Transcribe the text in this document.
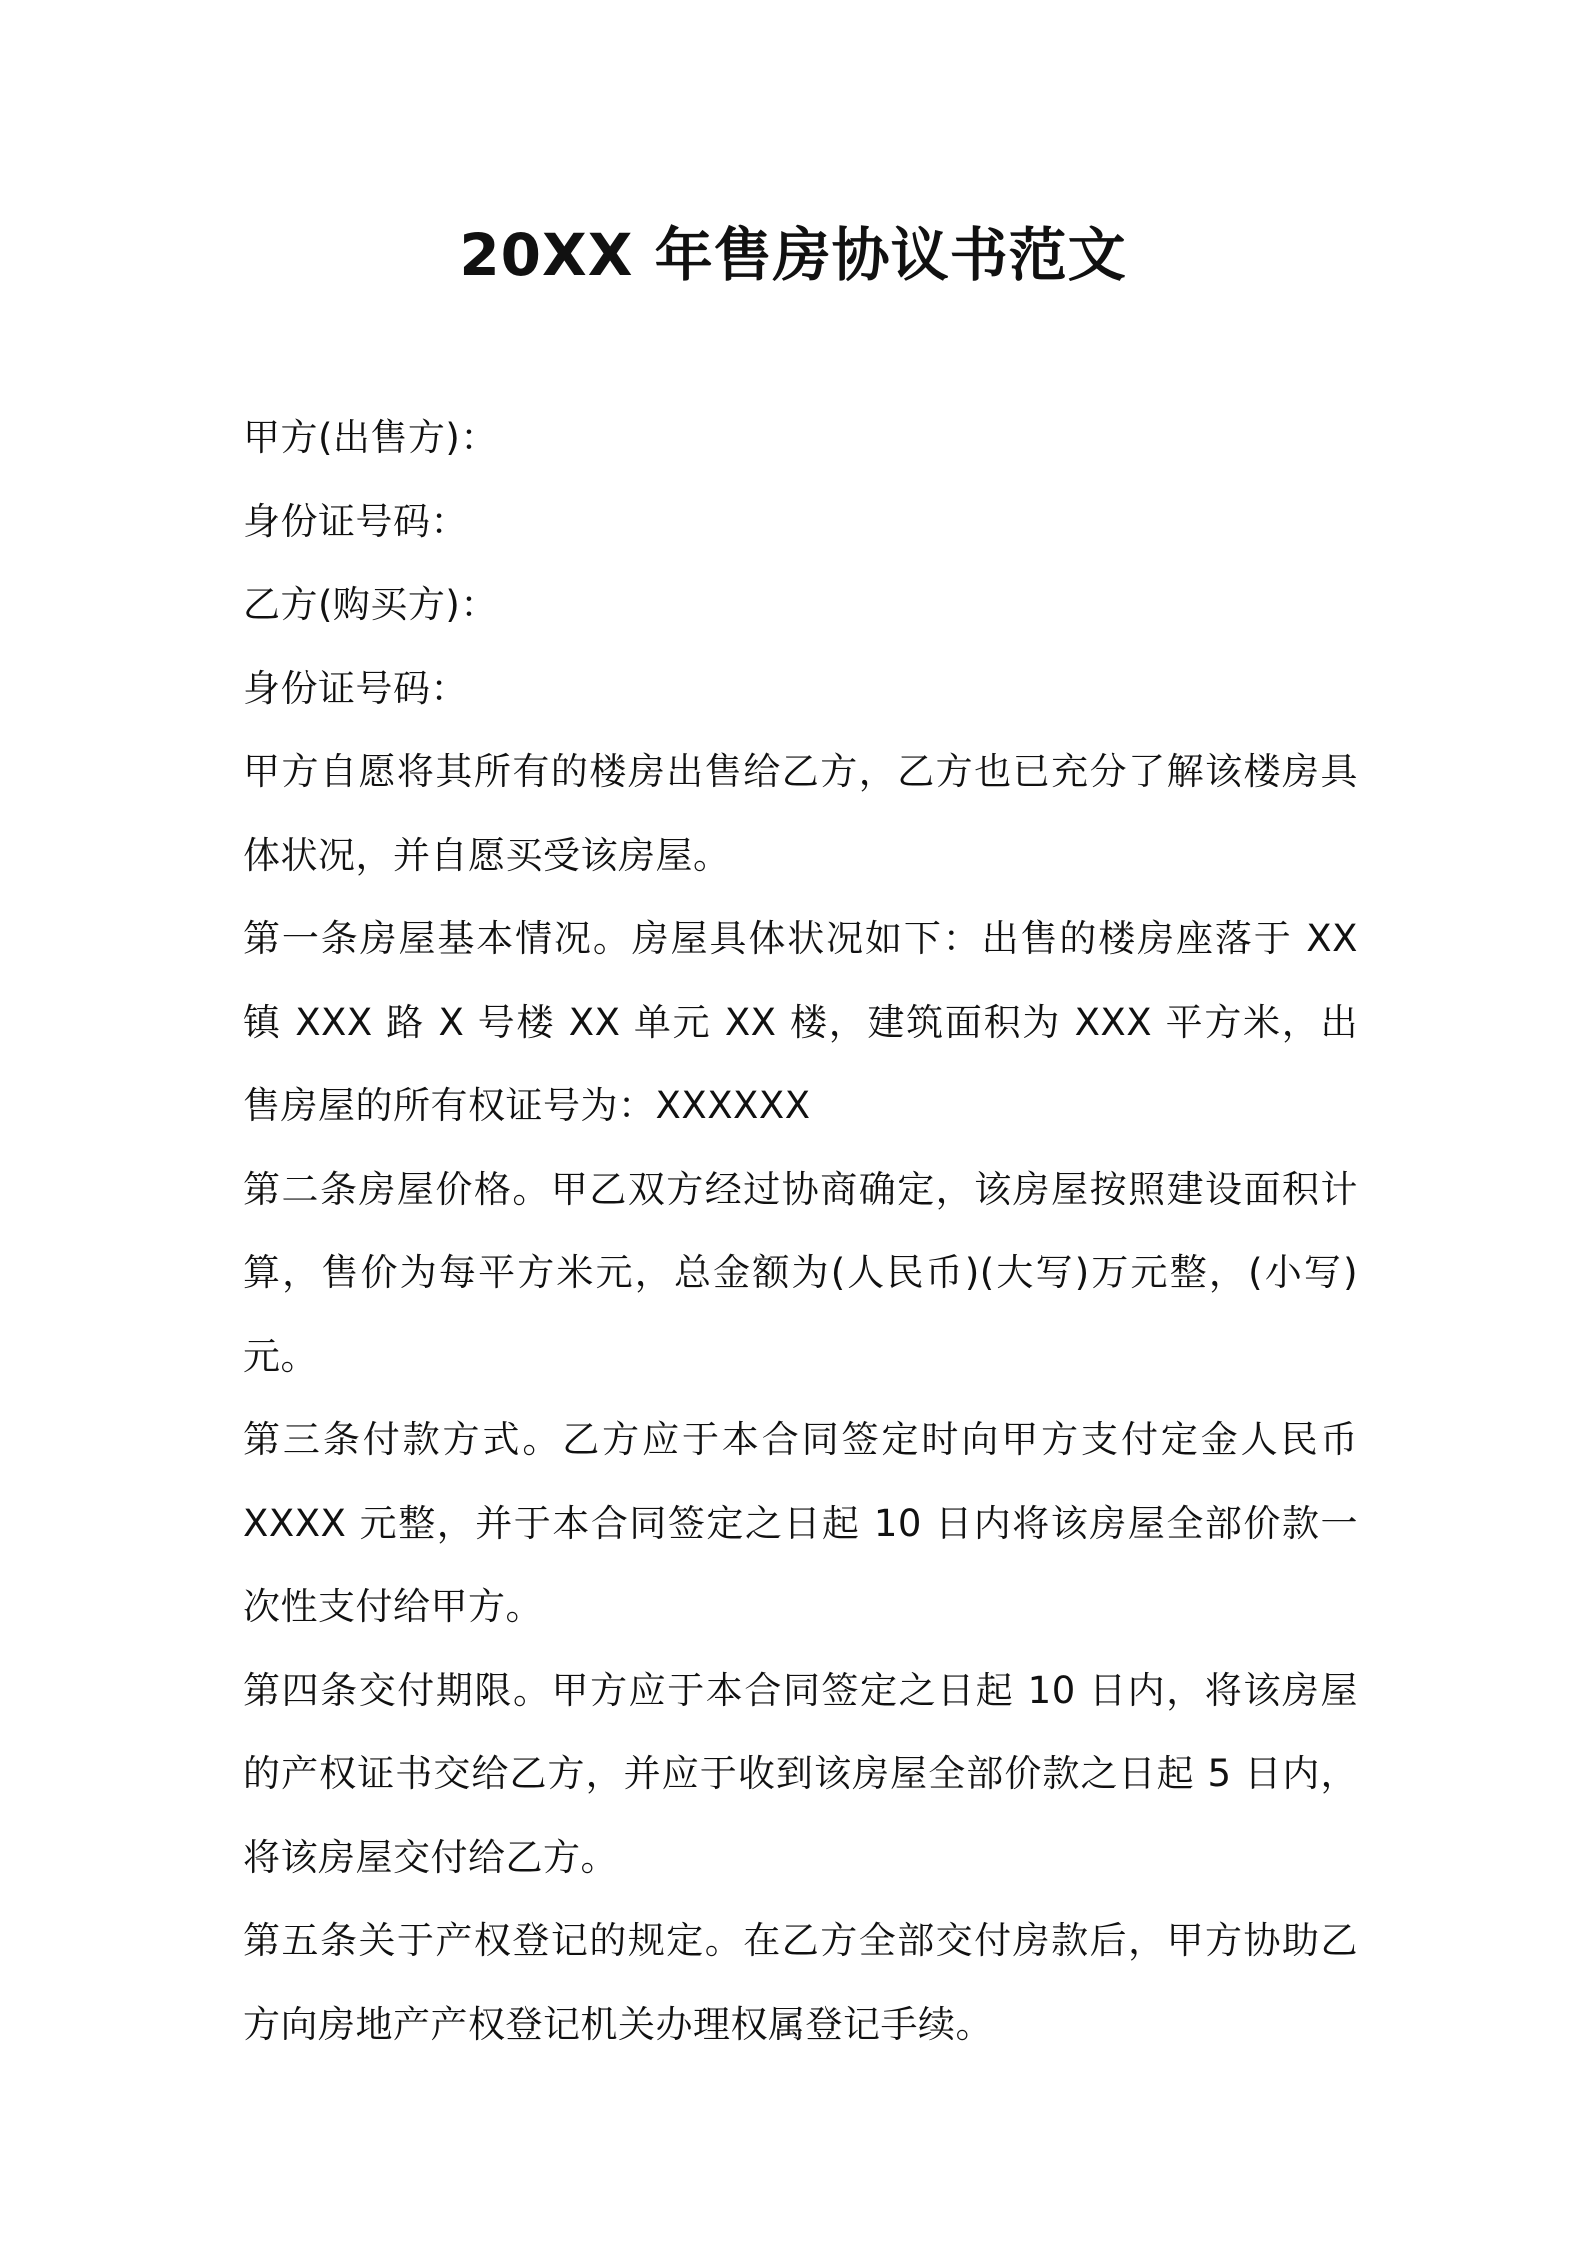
20XX 年售房协议书范文

甲方(出售方)：

身份证号码：

乙方(购买方)：

身份证号码：

甲方自愿将其所有的楼房出售给乙方，乙方也已充分了解该楼房具体状况，并自愿买受该房屋。

第一条房屋基本情况。房屋具体状况如下：出售的楼房座落于 XX 镇 XXX 路 X 号楼 XX 单元 XX 楼，建筑面积为 XXX 平方米，出售房屋的所有权证号为：XXXXXX

第二条房屋价格。甲乙双方经过协商确定，该房屋按照建设面积计算，售价为每平方米元，总金额为(人民币)(大写)万元整，(小写)元。

第三条付款方式。乙方应于本合同签定时向甲方支付定金人民币 XXXX 元整，并于本合同签定之日起 10 日内将该房屋全部价款一次性支付给甲方。

第四条交付期限。甲方应于本合同签定之日起 10 日内，将该房屋的产权证书交给乙方，并应于收到该房屋全部价款之日起 5 日内，将该房屋交付给乙方。

第五条关于产权登记的规定。在乙方全部交付房款后，甲方协助乙方向房地产产权登记机关办理权属登记手续。
